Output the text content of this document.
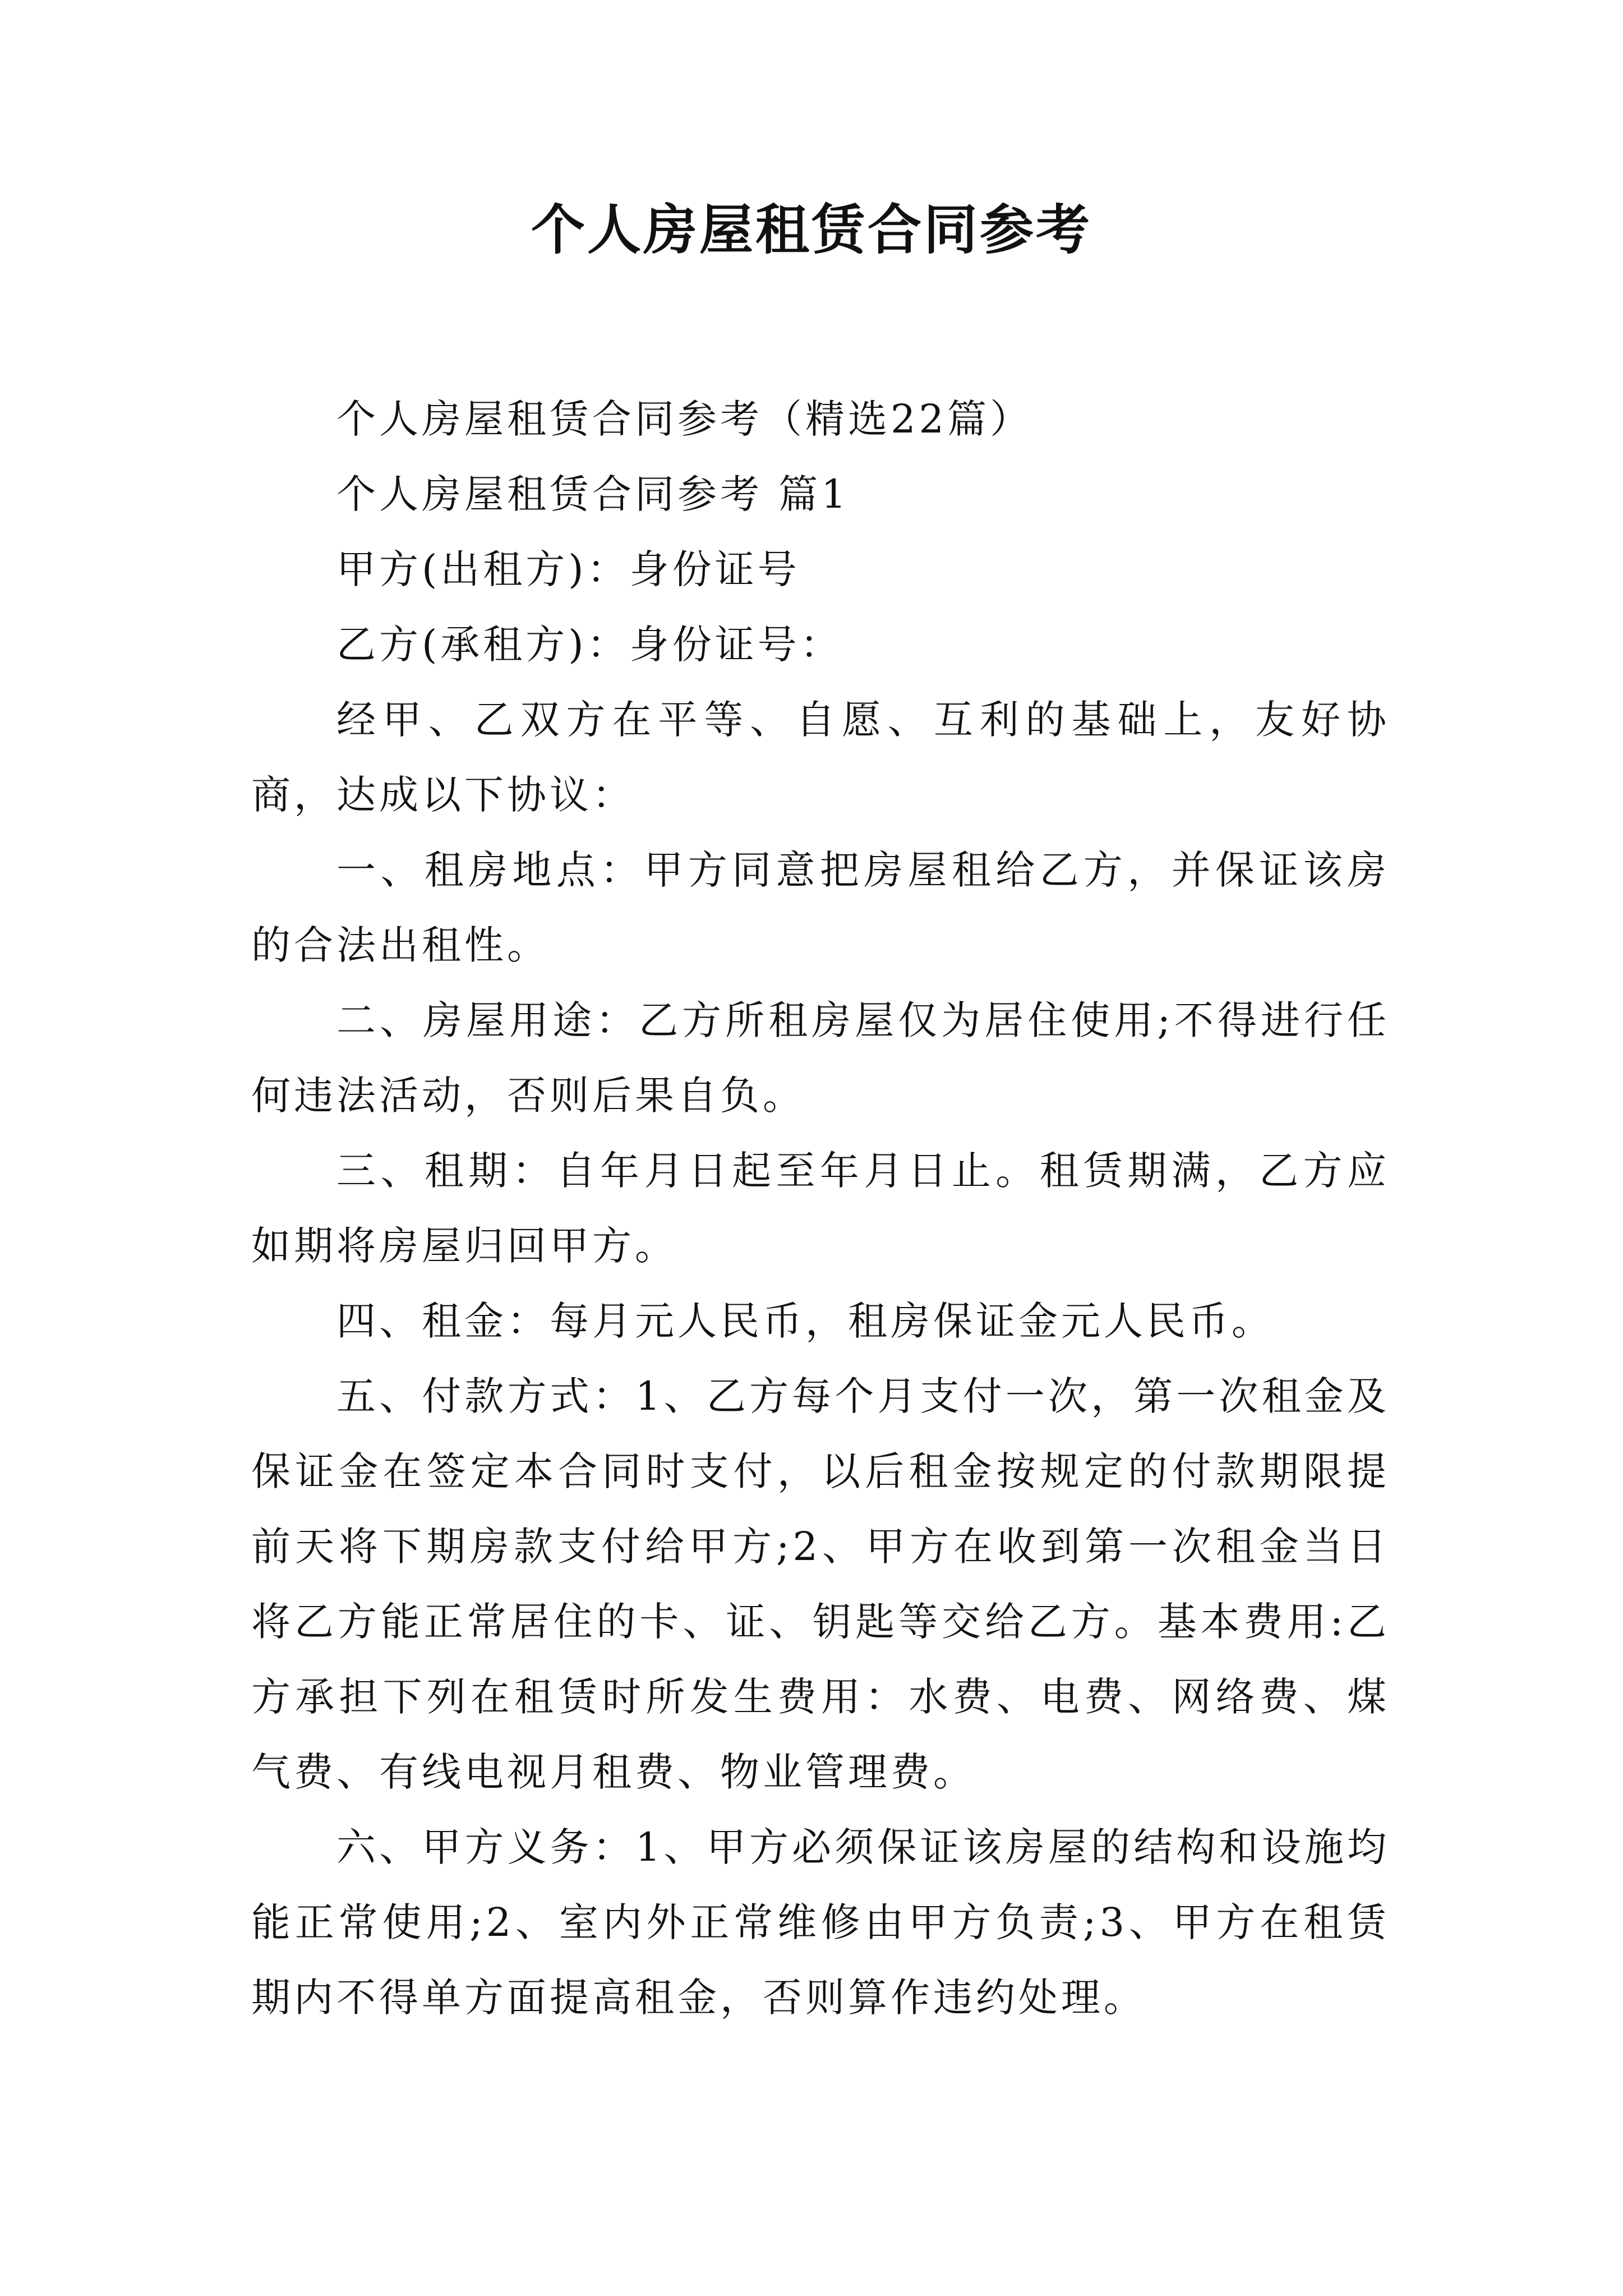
个人房屋租赁合同参考

个人房屋租赁合同参考（精选22篇）

个人房屋租赁合同参考 篇1

甲方(出租方)：身份证号

乙方(承租方)：身份证号：

经甲、乙双方在平等、自愿、互利的基础上，友好协商，达成以下协议：

一、租房地点：甲方同意把房屋租给乙方，并保证该房的合法出租性。

二、房屋用途：乙方所租房屋仅为居住使用;不得进行任何违法活动，否则后果自负。

三、租期：自年月日起至年月日止。租赁期满，乙方应如期将房屋归回甲方。

四、租金：每月元人民币，租房保证金元人民币。

五、付款方式：1、乙方每个月支付一次，第一次租金及保证金在签定本合同时支付，以后租金按规定的付款期限提前天将下期房款支付给甲方;2、甲方在收到第一次租金当日将乙方能正常居住的卡、证、钥匙等交给乙方。基本费用:乙方承担下列在租赁时所发生费用：水费、电费、网络费、煤气费、有线电视月租费、物业管理费。

六、甲方义务：1、甲方必须保证该房屋的结构和设施均能正常使用;2、室内外正常维修由甲方负责;3、甲方在租赁期内不得单方面提高租金，否则算作违约处理。
